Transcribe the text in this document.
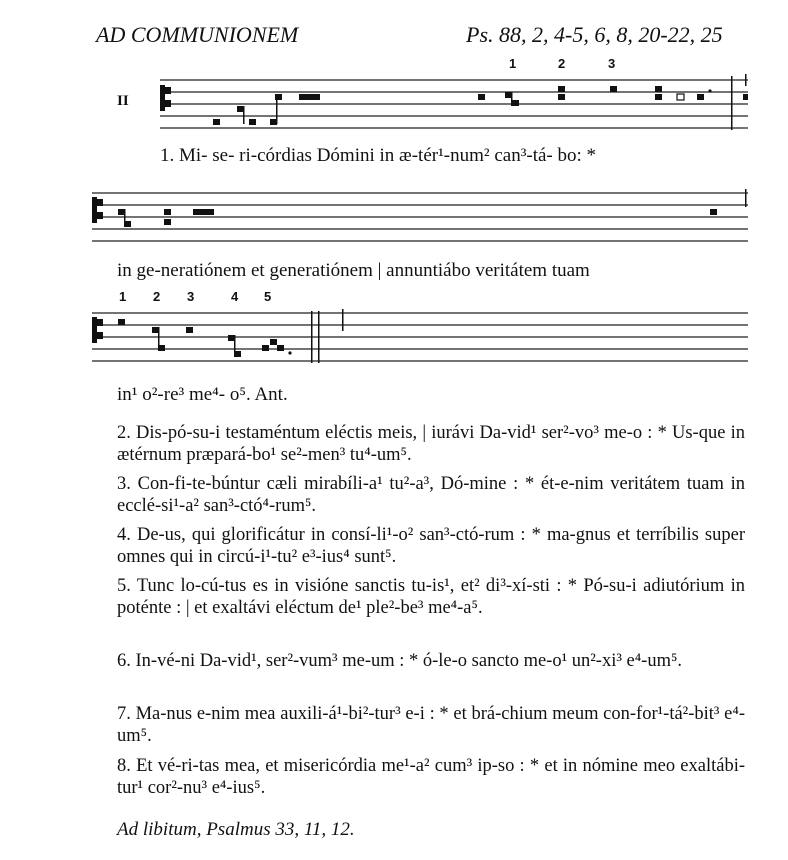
AD COMMUNIONEM	Ps. 88, 2, 4-5, 6, 8, 20-22, 25
1	2	3
II
1. Mi- se- ri-córdias Dómini in æ-tér¹-num² can³-tá- bo: *
in ge-neratiónem et generatiónem | annuntiábo veritátem tuam
1 2 3	4 5
in¹ o²-re³ me⁴- o⁵. Ant.
2. Dis-pó-su-i testaméntum eléctis meis, | iurávi Da-vid¹ ser²-vo³ me-o : * Us-que in ætérnum præpará-bo¹ se²-men³ tu⁴-um⁵.
3. Con-fi-te-búntur cæli mirabíli-a¹ tu²-a³, Dó-mine : * ét-e-nim veritátem tuam in ecclé-si¹-a² san³-ctó⁴-rum⁵.
4. De-us, qui glorificátur in consí-li¹-o² san³-ctó-rum : * ma-gnus et terríbilis super omnes qui in circú-i¹-tu² e³-ius⁴ sunt⁵.
5. Tunc lo-cú-tus es in visióne sanctis tu-is¹, et² di³-xí-sti : * Pó-su-i adiutórium in poténte : | et exaltávi eléctum de¹ ple²-be³ me⁴-a⁵.
6. In-vé-ni Da-vid¹, ser²-vum³ me-um : * ó-le-o sancto me-o¹ un²-xi³ e⁴-um⁵.
7. Ma-nus e-nim mea auxili-á¹-bi²-tur³ e-i : * et brá-chium meum con-for¹-tá²-bit³ e⁴-um⁵.
8. Et vé-ri-tas mea, et misericórdia me¹-a² cum³ ip-so : * et in nómine meo exaltábi-tur¹ cor²-nu³ e⁴-ius⁵.
Ad libitum, Psalmus 33, 11, 12.
